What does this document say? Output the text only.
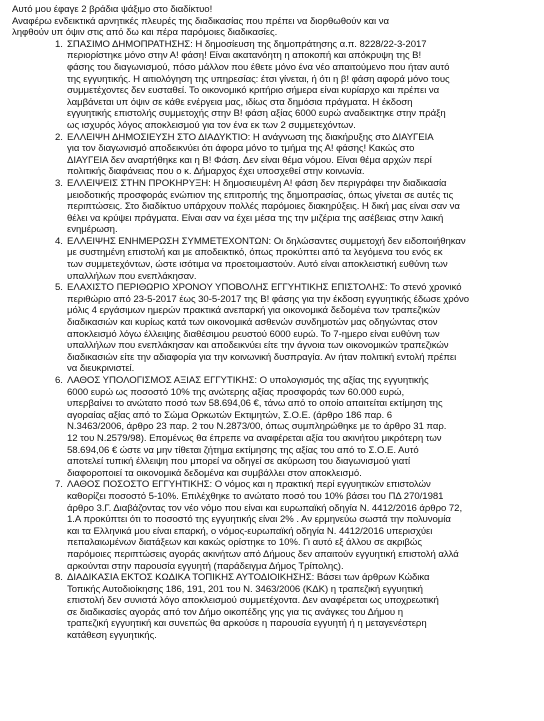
Αυτό μου έφαγε 2 βράδια ψάξιμο στο διαδίκτυο!
Αναφέρω ενδεικτικά αρνητικές πλευρές της διαδικασίας που πρέπει να διορθωθούν και να
ληφθούν υπ όψιν στις από δω και πέρα παρόμοιες διαδικασίες.
1. ΣΠΑΣΙΜΟ ΔΗΜΟΠΡΑΤΗΣΗΣ: Η δημοσίευση της δημοπράτησης α.π. 8228/22-3-2017
περιορίστηκε μόνο στην Α! φάση! Είναι ακατανόητη η αποκοπή και απόκρυψη της Β!
φάσης του διαγωνισμού, πόσο μάλλον που έθετε μόνο ένα νέο απαιτούμενο που ήταν αυτό
της εγγυητικής. Η αιτιολόγηση της υπηρεσίας: έτσι γίνεται, ή ότι η β! φάση αφορά μόνο τους
συμμετέχοντες δεν ευσταθεί. Το οικονομικό κριτήριο σήμερα είναι κυρίαρχο και πρέπει να
λαμβάνεται υπ όψιν σε κάθε ενέργεια μας, ιδίως στα δημόσια πράγματα. Η έκδοση
εγγυητικής επιστολής συμμετοχής στην Β! φάση αξίας 6000 ευρώ αναδεικτηκε στην πράξη
ως ισχυρός λόγος αποκλεισμού για τον ένα εκ των 2 συμμετεχόντων.
2. ΕΛΛΕΙΨΗ ΔΗΜΟΣΙΕΥΣΗ ΣΤΟ ΔΙΑΔΥΚΤΙΟ: Η ανάγνωση της διακήρυξης στο ΔΙΑΥΓΕΙΑ
για τον διαγωνισμό αποδεικνύει ότι άφορα μόνο το τμήμα της Α! φάσης! Κακώς στο
ΔΙΑΥΓΕΙΑ δεν αναρτήθηκε και η Β! Φάση. Δεν είναι θέμα νόμου. Είναι θέμα αρχών περί
πολιτικής διαφάνειας που ο κ. Δήμαρχος έχει υποσχεθεί στην κοινωνία.
3. ΕΛΛΕΙΨΕΙΣ ΣΤΗΝ ΠΡΟΚΗΡΥΞΗ: Η δημοσιευμένη Α! φάση δεν περιγράφει την διαδικασία
μειοδοτικής προσφοράς ενώπιον της επιτροπής της δημοπρασίας, όπως γίνεται σε αυτές τις
περιπτώσεις. Στο διαδίκτυο υπάρχουν πολλές παρόμοιες διακηρύξεις. Η δική μας είναι σαν να
θέλει να κρύψει πράγματα. Είναι σαν να έχει μέσα της την μιζέρια της ασέβειας στην λαική
ενημέρωση.
4. ΕΛΛΕΙΨΗΣ ΕΝΗΜΕΡΩΣΗ ΣΥΜΜΕΤΕΧΟΝΤΩΝ: Οι δηλώσαντες συμμετοχή δεν ειδοποιήθηκαν
με συστημένη επιστολή και με αποδεικτικό, όπως προκύπτει από τα λεγόμενα του ενός εκ
των συμμετεχόντων, ώστε ισότιμα να προετοιμαστούν. Αυτό είναι αποκλειστική ευθύνη των
υπαλλήλων που ενεπλάκησαν.
5. ΕΛΑΧΙΣΤΟ ΠΕΡΙΘΩΡΙΟ ΧΡΟΝΟΥ ΥΠΟΒΟΛΗΣ ΕΓΓΥΗΤΙΚΗΣ ΕΠΙΣΤΟΛΗΣ: Το στενό χρονικό
περιθώριο από 23-5-2017 έως 30-5-2017 της Β! φάσης για την έκδοση εγγυητικής έδωσε χρόνο
μόλις 4 εργάσιμων ημερών πρακτικά ανεπαρκή για οικονομικά δεδομένα των τραπεζικών
διαδικασιών και κυρίως κατά των οικονομικά ασθενών συνδημοτών μας οδηγώντας στον
αποκλεισμό λόγω έλλειψης διαθέσιμου ρευστού 6000 ευρώ. Το 7-ημερο είναι ευθύνη των
υπαλλήλων που ενεπλάκησαν και αποδεικνύει είτε την άγνοια των οικονομικών τραπεζικών
διαδικασιών είτε την αδιαφορία για την κοινωνική δυσπραγία. Αν ήταν πολιτική εντολή πρέπει
να διευκρινιστεί.
6. ΛΑΘΟΣ ΥΠΟΛΟΓΙΣΜΟΣ ΑΞΙΑΣ ΕΓΓΥΤΙΚΗΣ: Ο υπολογισμός της αξίας της εγγυητικής
6000 ευρώ ως ποσοστό 10% της ανώτερης αξίας προσφοράς των 60.000 ευρώ,
υπερβαίνει το ανώτατο ποσό των 58.694,06 €, τάνω από το οποίο απαιτείται εκτίμηση της
αγοραίας αξίας από το Σώμα Ορκωτών Εκτιμητών, Σ.Ο.Ε. (άρθρο 186 παρ. 6
Ν.3463/2006, άρθρο 23 παρ. 2 του Ν.2873/00, όπως συμπληρώθηκε με το άρθρο 31 παρ.
12 του Ν.2579/98). Επομένως θα έπρεπε να αναφέρεται αξία του ακινήτου μικρότερη των
58.694,06 € ώστε να μην τίθεται ζήτημα εκτίμησης της αξίας του από το Σ.Ο.Ε. Αυτό
αποτελεί τυπική έλλειψη που μπορεί να οδηγεί σε ακύρωση του διαγωνισμού γιατί
διαφοροποιεί τα οικονομικά δεδομένα και συμβάλλει στον αποκλεισμό.
7. ΛΑΘΟΣ ΠΟΣΟΣΤΟ ΕΓΓΥΗΤΙΚΗΣ: Ο νόμος και η πρακτική περί εγγυητικών επιστολών
καθορίζει ποσοστό 5-10%. Επιλέχθηκε το ανώτατο ποσό του 10% βάσει του ΠΔ 270/1981
άρθρο 3.Γ. Διαβάζοντας τον νέο νόμο που είναι και ευρωπαϊκή οδηγία Ν. 4412/2016 άρθρο 72,
1.Α προκύπτει ότι το ποσοστό της εγγυητικής είναι 2% . Αν ερμηνεύω σωστά την πολυνομία
και τα Ελληνικά μου είναι επαρκή, ο νόμος-ευρωπαϊκή οδηγία Ν. 4412/2016 υπερισχύει
πεπαλαιωμένων διατάξεων και κακώς ορίστηκε το 10%. Γι αυτό εξ άλλου σε ακριβώς
παρόμοιες περιπτώσεις αγοράς ακινήτων από Δήμους δεν απαιτούν εγγυητική επιστολή αλλά
αρκούνται στην παρουσία εγγυητή (παράδειγμα Δήμος Τρίπολης).
8. ΔΙΑΔΙΚΑΣΙΑ ΕΚΤΟΣ ΚΩΔΙΚΑ ΤΟΠΙΚΗΣ ΑΥΤΟΔΙΟΙΚΗΣΗΣ: Βάσει των άρθρων Κώδικα
Τοπικής Αυτοδιοίκησης 186, 191, 201 του Ν. 3463/2006 (ΚΔΚ) η τραπεζική εγγυητική
επιστολή δεν συνιστά λόγο αποκλεισμού συμμετέχοντα. Δεν αναφέρεται ως υποχρεωτική
σε διαδικασίες αγοράς από τον Δήμο οικοπέδης γης για τις ανάγκες του Δήμου η
τραπεζική εγγυητική και συνεπώς θα αρκούσε η παρουσία εγγυητή ή η μεταγενέστερη
κατάθεση εγγυητικής.
